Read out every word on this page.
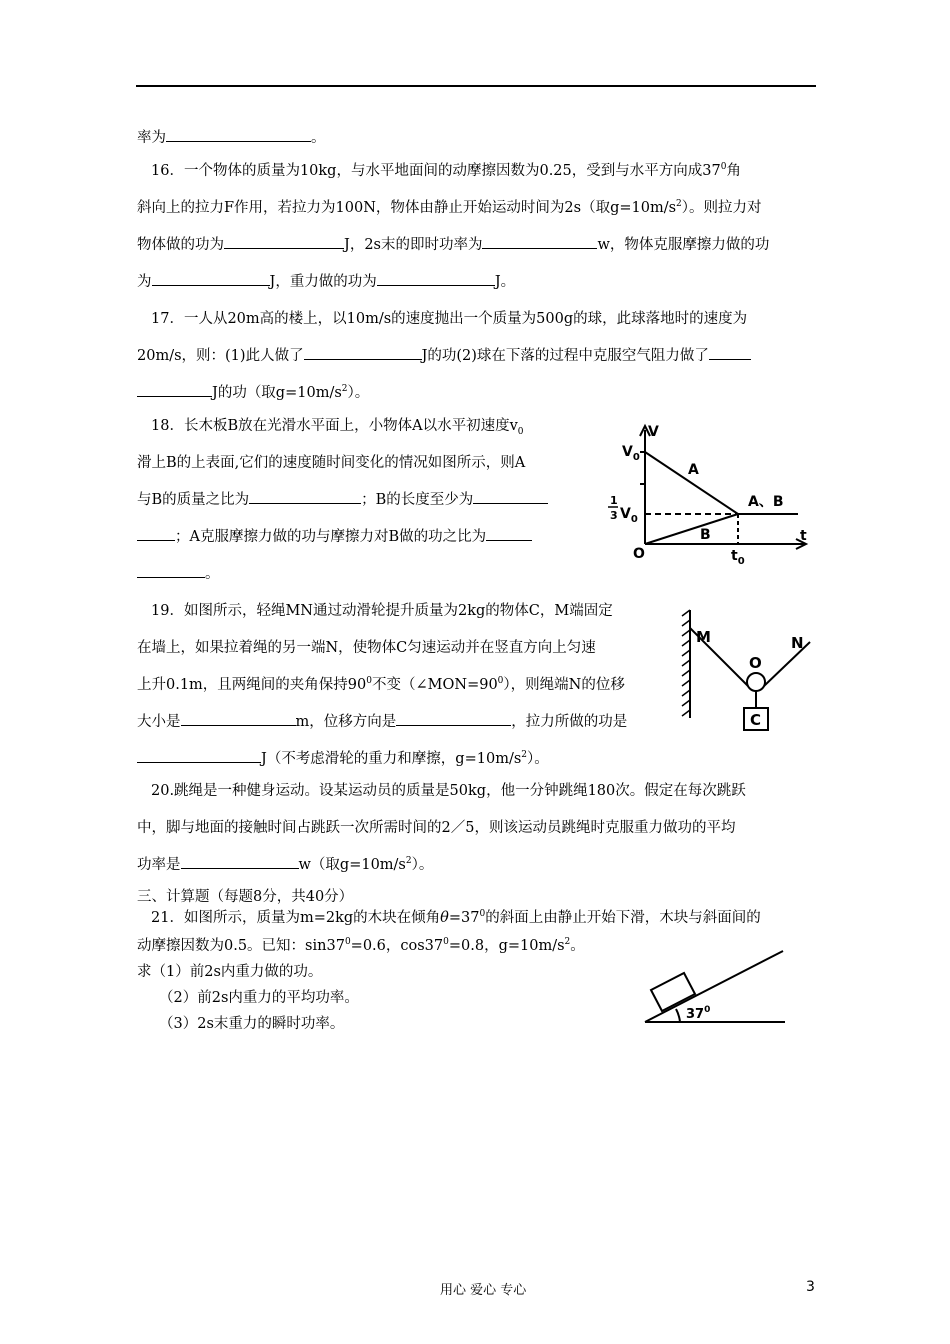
率为	。
16．一个物体的质量为10kg，与水平地面间的动摩擦因数为0.25，受到与水平方向成$37^0$角
斜向上的拉力F作用，若拉力为100N，物体由静止开始运动时间为2s（取$g=10m/s^2$）。则拉力对
物体做的功为	J，2s末的即时功率为	w，物体克服摩擦力做的功
为	J，重力做的功为	J。
17．一人从20m高的楼上，以10m/s的速度抛出一个质量为500g的球，此球落地时的速度为
20m/s，则：(1)此人做了	J的功(2)球在下落的过程中克服空气阻力做了
J的功（取$g=10m/s^2$）。
18．长木板B放在光滑水平面上，小物体A以水平初速度$v_0$
滑上B的上表面,它们的速度随时间变化的情况如图所示，则A
与B的质量之比为	；B的长度至少为
；A克服摩擦力做的功与摩擦力对B做的功之比为
。
V
t
$V_0$
1
3 $V_0$
O	$t_0$
A
B
A、B
19．如图所示，轻绳MN通过动滑轮提升质量为2kg的物体C，M端固定
在墙上，如果拉着绳的另一端N，使物体C匀速运动并在竖直方向上匀速
上升0.1m，且两绳间的夹角保持$90^0$不变$(\angle MON=90^0)$，则绳端N的位移
大小是	m，位移方向是	，拉力所做的功是
J（不考虑滑轮的重力和摩擦，$g=10m/s^2$）。
M	N
O
C
20.跳绳是一种健身运动。设某运动员的质量是50kg，他一分钟跳绳180次。假定在每次跳跃
中，脚与地面的接触时间占跳跃一次所需时间的2／5，则该运动员跳绳时克服重力做功的平均
功率是	w（取$g=10m/s^2$）。
三、计算题（每题8分，共40分）
21．如图所示，质量为m=2kg的木块在倾角$\theta=37^0$的斜面上由静止开始下滑，木块与斜面间的
动摩擦因数为0.5。已知：$\sin 37^0=0.6$，$\cos 37^0=0.8$，$g=10m/s^2$。
求（1）前2s内重力做的功。
（2）前2s内重力的平均功率。
（3）2s末重力的瞬时功率。
$37^0$
用心 爱心 专心	3
